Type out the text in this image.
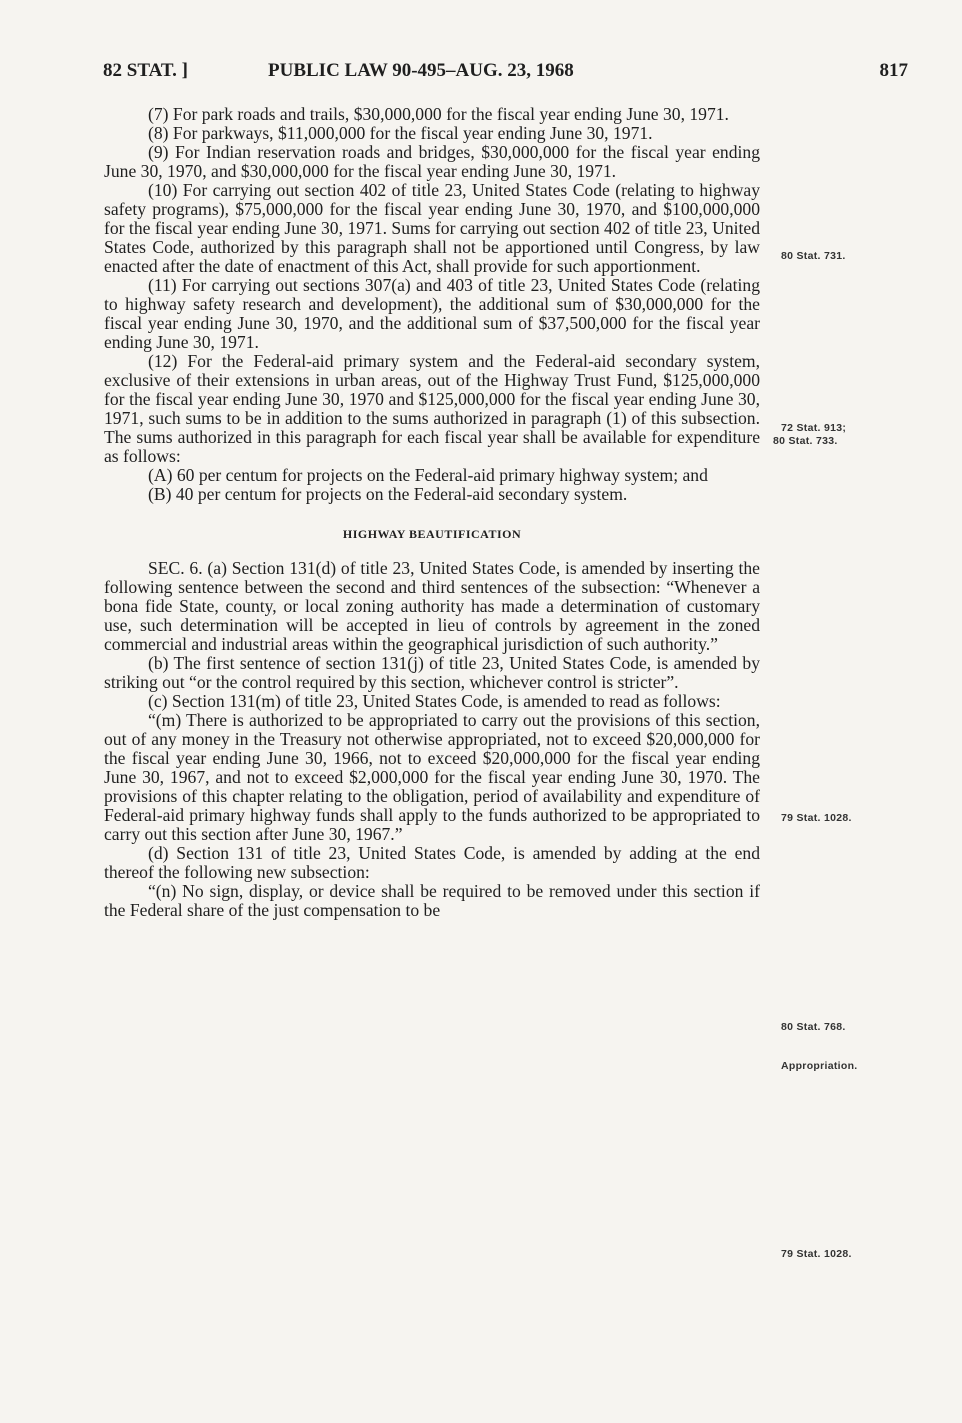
82 STAT. ]	PUBLIC LAW 90-495–AUG. 23, 1968	817

(7) For park roads and trails, $30,000,000 for the fiscal year ending June 30, 1971.

(8) For parkways, $11,000,000 for the fiscal year ending June 30, 1971.

(9) For Indian reservation roads and bridges, $30,000,000 for the fiscal year ending June 30, 1970, and $30,000,000 for the fiscal year ending June 30, 1971.

(10) For carrying out section 402 of title 23, United States Code (relating to highway safety programs), $75,000,000 for the fiscal year ending June 30, 1970, and $100,000,000 for the fiscal year ending June 30, 1971. Sums for carrying out section 402 of title 23, United States Code, authorized by this paragraph shall not be apportioned until Congress, by law enacted after the date of enactment of this Act, shall provide for such apportionment.

(11) For carrying out sections 307(a) and 403 of title 23, United States Code (relating to highway safety research and development), the additional sum of $30,000,000 for the fiscal year ending June 30, 1970, and the additional sum of $37,500,000 for the fiscal year ending June 30, 1971.

(12) For the Federal-aid primary system and the Federal-aid secondary system, exclusive of their extensions in urban areas, out of the Highway Trust Fund, $125,000,000 for the fiscal year ending June 30, 1970 and $125,000,000 for the fiscal year ending June 30, 1971, such sums to be in addition to the sums authorized in paragraph (1) of this subsection. The sums authorized in this paragraph for each fiscal year shall be available for expenditure as follows:

(A) 60 per centum for projects on the Federal-aid primary highway system; and

(B) 40 per centum for projects on the Federal-aid secondary system.

HIGHWAY BEAUTIFICATION

SEC. 6. (a) Section 131(d) of title 23, United States Code, is amended by inserting the following sentence between the second and third sentences of the subsection: “Whenever a bona fide State, county, or local zoning authority has made a determination of customary use, such determination will be accepted in lieu of controls by agreement in the zoned commercial and industrial areas within the geographical jurisdiction of such authority.”

(b) The first sentence of section 131(j) of title 23, United States Code, is amended by striking out “or the control required by this section, whichever control is stricter”.

(c) Section 131(m) of title 23, United States Code, is amended to read as follows:

“(m) There is authorized to be appropriated to carry out the provisions of this section, out of any money in the Treasury not otherwise appropriated, not to exceed $20,000,000 for the fiscal year ending June 30, 1966, not to exceed $20,000,000 for the fiscal year ending June 30, 1967, and not to exceed $2,000,000 for the fiscal year ending June 30, 1970. The provisions of this chapter relating to the obligation, period of availability and expenditure of Federal-aid primary highway funds shall apply to the funds authorized to be appropriated to carry out this section after June 30, 1967.”

(d) Section 131 of title 23, United States Code, is amended by adding at the end thereof the following new subsection:

“(n) No sign, display, or device shall be required to be removed under this section if the Federal share of the just compensation to be

80 Stat. 731.
72 Stat. 913;
80 Stat. 733.
79 Stat. 1028.
80 Stat. 768.
Appropriation.
79 Stat. 1028.
